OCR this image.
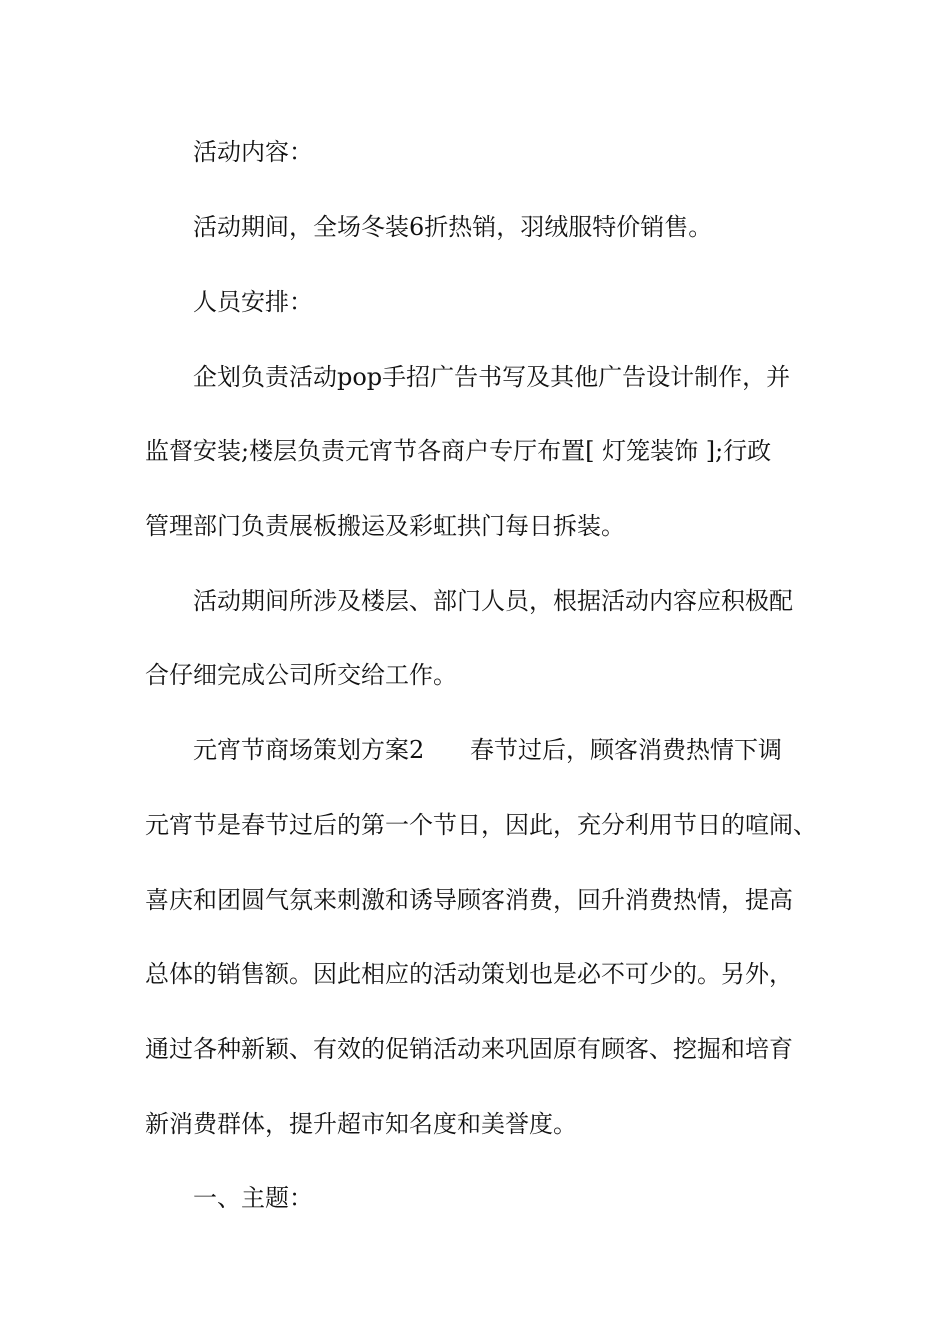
活动内容：
活动期间，全场冬装6折热销，羽绒服特价销售。
人员安排：
企划负责活动pop手招广告书写及其他广告设计制作，并
监督安装;楼层负责元宵节各商户专厅布置[ 灯笼装饰 ];行政
管理部门负责展板搬运及彩虹拱门每日拆装。
活动期间所涉及楼层、部门人员，根据活动内容应积极配
合仔细完成公司所交给工作。
元宵节商场策划方案2      春节过后，顾客消费热情下调
元宵节是春节过后的第一个节日，因此，充分利用节日的喧闹、
喜庆和团圆气氛来刺激和诱导顾客消费，回升消费热情，提高
总体的销售额。因此相应的活动策划也是必不可少的。另外，
通过各种新颖、有效的促销活动来巩固原有顾客、挖掘和培育
新消费群体，提升超市知名度和美誉度。
一、主题：
